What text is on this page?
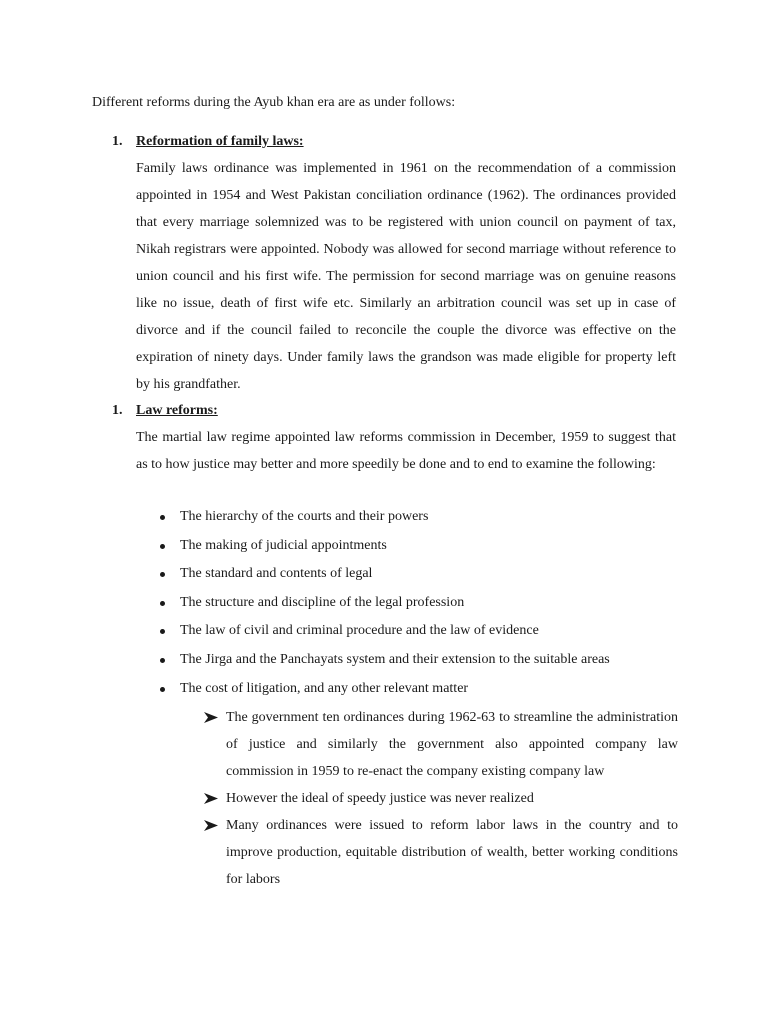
Different reforms during the Ayub khan era are as under follows:
1. Reformation of family laws:
Family laws ordinance was implemented in 1961 on the recommendation of a commission appointed in 1954 and West Pakistan conciliation ordinance (1962). The ordinances provided that every marriage solemnized was to be registered with union council on payment of tax, Nikah registrars were appointed. Nobody was allowed for second marriage without reference to union council and his first wife. The permission for second marriage was on genuine reasons like no issue, death of first wife etc. Similarly an arbitration council was set up in case of divorce and if the council failed to reconcile the couple the divorce was effective on the expiration of ninety days. Under family laws the grandson was made eligible for property left by his grandfather.
1. Law reforms:
The martial law regime appointed law reforms commission in December, 1959 to suggest that as to how justice may better and more speedily be done and to end to examine the following:
The hierarchy of the courts and their powers
The making of judicial appointments
The standard and contents of legal
The structure and discipline of the legal profession
The law of civil and criminal procedure and the law of evidence
The Jirga and the Panchayats system and their extension to the suitable areas
The cost of litigation, and any other relevant matter
The government ten ordinances during 1962-63 to streamline the administration of justice and similarly the government also appointed company law commission in 1959 to re-enact the company existing company law
However the ideal of speedy justice was never realized
Many ordinances were issued to reform labor laws in the country and to improve production, equitable distribution of wealth, better working conditions for labors
